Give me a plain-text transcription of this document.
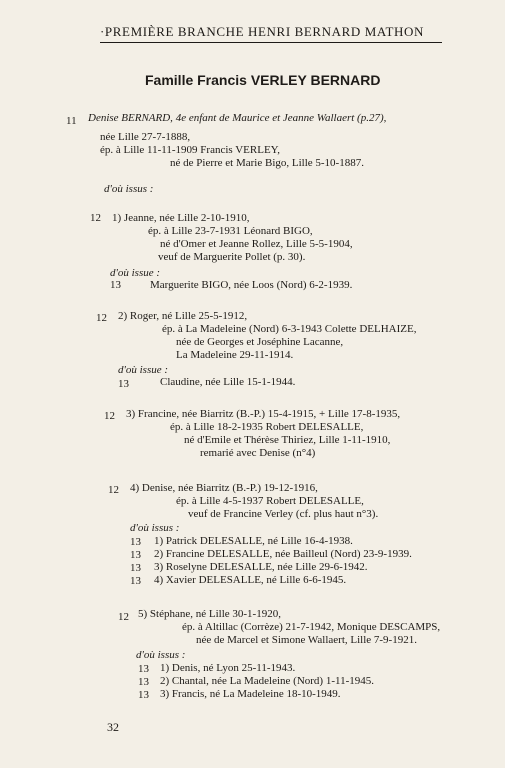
·PREMIÈRE BRANCHE HENRI BERNARD MATHON
Famille Francis VERLEY BERNARD
11 Denise BERNARD, 4e enfant de Maurice et Jeanne Wallaert (p.27),
née Lille 27-7-1888,
ép. à Lille 11-11-1909 Francis VERLEY,
né de Pierre et Marie Bigo, Lille 5-10-1887.
d'où issus :
12 1) Jeanne, née Lille 2-10-1910,
ép. à Lille 23-7-1931 Léonard BIGO,
né d'Omer et Jeanne Rollez, Lille 5-5-1904,
veuf de Marguerite Pollet (p. 30).
d'où issue :
13	Marguerite BIGO, née Loos (Nord) 6-2-1939.
12 2) Roger, né Lille 25-5-1912,
ép. à La Madeleine (Nord) 6-3-1943 Colette DELHAIZE,
née de Georges et Joséphine Lacanne,
La Madeleine 29-11-1914.
d'où issue :
13	Claudine, née Lille 15-1-1944.
12 3) Francine, née Biarritz (B.-P.) 15-4-1915, + Lille 17-8-1935,
ép. à Lille 18-2-1935 Robert DELESALLE,
né d'Emile et Thérèse Thiriez, Lille 1-11-1910,
remarié avec Denise (n°4)
12 4) Denise, née Biarritz (B.-P.) 19-12-1916,
ép. à Lille 4-5-1937 Robert DELESALLE,
veuf de Francine Verley (cf. plus haut n°3).
d'où issus :
13 1) Patrick DELESALLE, né Lille 16-4-1938.
13 2) Francine DELESALLE, née Bailleul (Nord) 23-9-1939.
13 3) Roselyne DELESALLE, née Lille 29-6-1942.
13 4) Xavier DELESALLE, né Lille 6-6-1945.
12 5) Stéphane, né Lille 30-1-1920,
ép. à Altillac (Corrèze) 21-7-1942, Monique DESCAMPS,
née de Marcel et Simone Wallaert, Lille 7-9-1921.
d'où issus :
13 1) Denis, né Lyon 25-11-1943.
13 2) Chantal, née La Madeleine (Nord) 1-11-1945.
13 3) Francis, né La Madeleine 18-10-1949.
32
